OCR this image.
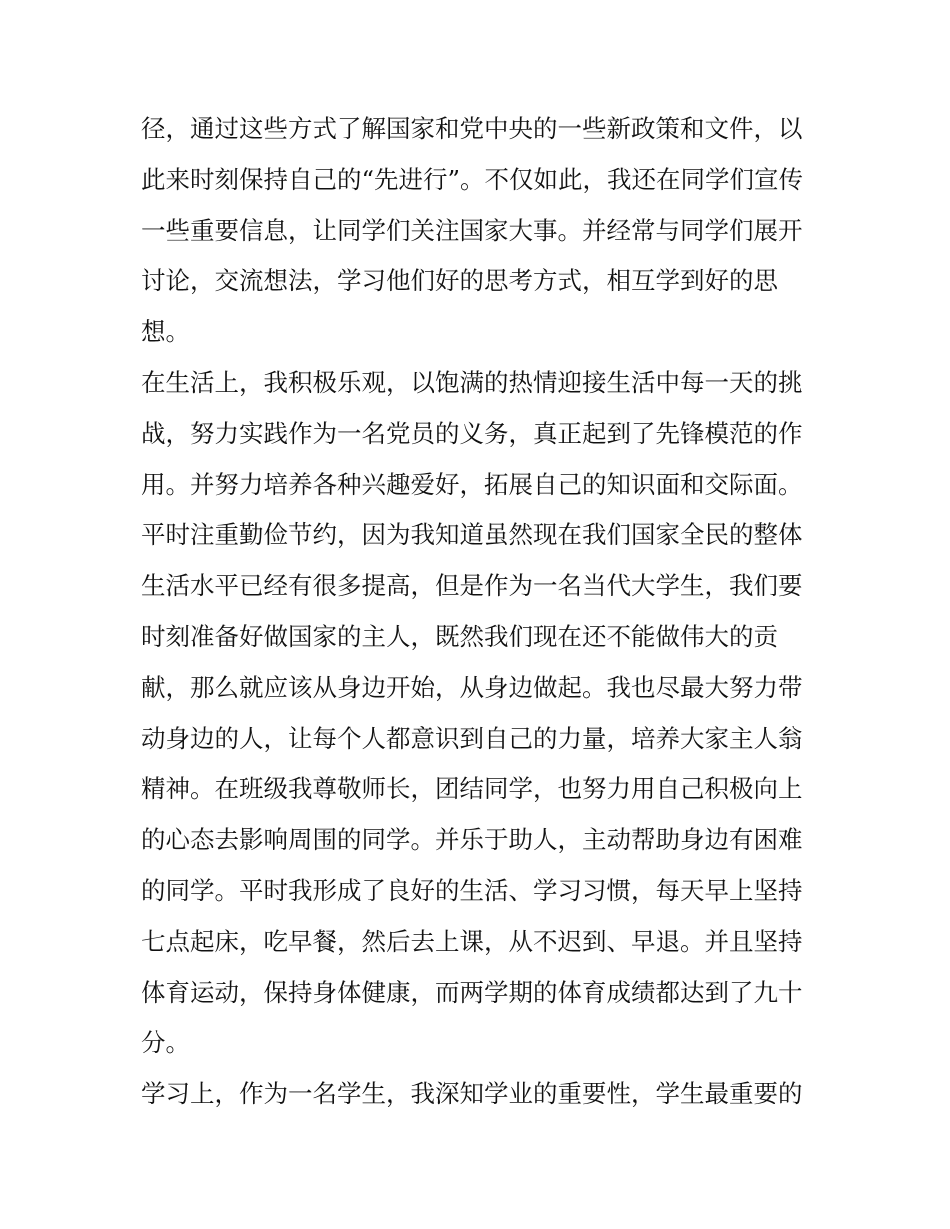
径，通过这些方式了解国家和党中央的一些新政策和文件，以
此来时刻保持自己的“先进行”。不仅如此，我还在同学们宣传
一些重要信息，让同学们关注国家大事。并经常与同学们展开
讨论，交流想法，学习他们好的思考方式，相互学到好的思
想。
在生活上，我积极乐观，以饱满的热情迎接生活中每一天的挑
战，努力实践作为一名党员的义务，真正起到了先锋模范的作
用。并努力培养各种兴趣爱好，拓展自己的知识面和交际面。
平时注重勤俭节约，因为我知道虽然现在我们国家全民的整体
生活水平已经有很多提高，但是作为一名当代大学生，我们要
时刻准备好做国家的主人，既然我们现在还不能做伟大的贡
献，那么就应该从身边开始，从身边做起。我也尽最大努力带
动身边的人，让每个人都意识到自己的力量，培养大家主人翁
精神。在班级我尊敬师长，团结同学，也努力用自己积极向上
的心态去影响周围的同学。并乐于助人，主动帮助身边有困难
的同学。平时我形成了良好的生活、学习习惯，每天早上坚持
七点起床，吃早餐，然后去上课，从不迟到、早退。并且坚持
体育运动，保持身体健康，而两学期的体育成绩都达到了九十
分。
学习上，作为一名学生，我深知学业的重要性，学生最重要的
